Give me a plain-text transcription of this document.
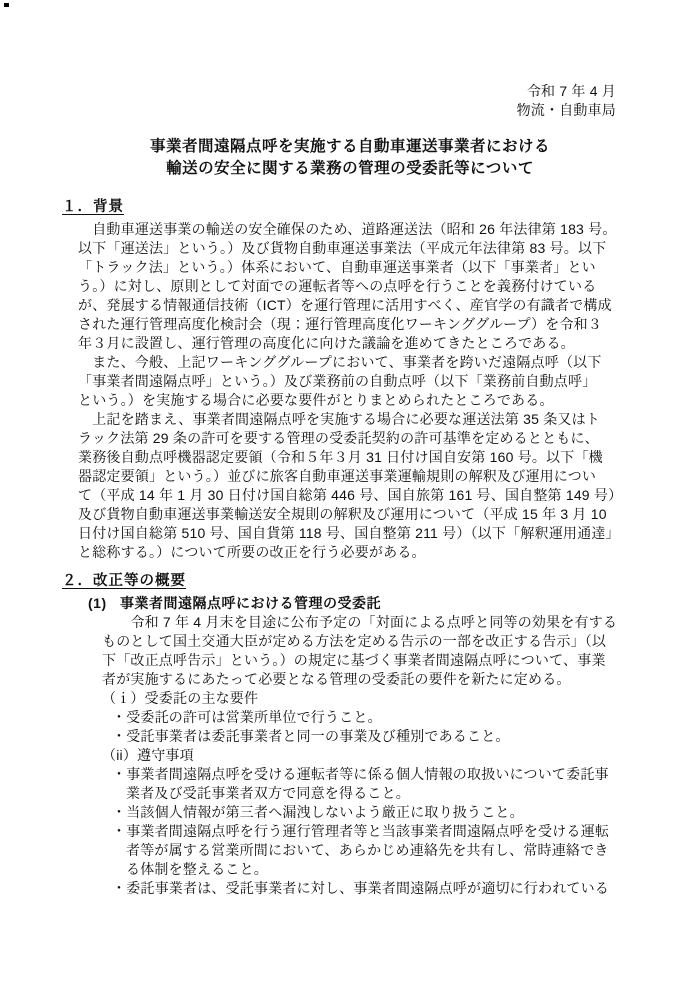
令和 7 年 4 月
物流・自動車局
事業者間遠隔点呼を実施する自動車運送事業者における
輸送の安全に関する業務の管理の受委託等について
１．背景
　自動車運送事業の輸送の安全確保のため、道路運送法（昭和 26 年法律第 183 号。
以下「運送法」という。）及び貨物自動車運送事業法（平成元年法律第 83 号。以下
「トラック法」という。）体系において、自動車運送事業者（以下「事業者」とい
う。）に対し、原則として対面での運転者等への点呼を行うことを義務付けている
が、発展する情報通信技術（ICT）を運行管理に活用すべく、産官学の有識者で構成
された運行管理高度化検討会（現：運行管理高度化ワーキンググループ）を令和３
年３月に設置し、運行管理の高度化に向けた議論を進めてきたところである。
　また、今般、上記ワーキンググループにおいて、事業者を跨いだ遠隔点呼（以下
「事業者間遠隔点呼」という。）及び業務前の自動点呼（以下「業務前自動点呼」
という。）を実施する場合に必要な要件がとりまとめられたところである。
　上記を踏まえ、事業者間遠隔点呼を実施する場合に必要な運送法第 35 条又はト
ラック法第 29 条の許可を要する管理の受委託契約の許可基準を定めるとともに、
業務後自動点呼機器認定要領（令和５年３月 31 日付け国自安第 160 号。以下「機
器認定要領」という。）並びに旅客自動車運送事業運輸規則の解釈及び運用につい
て（平成 14 年 1 月 30 日付け国自総第 446 号、国自旅第 161 号、国自整第 149 号）
及び貨物自動車運送事業輸送安全規則の解釈及び運用について（平成 15 年 3 月 10
日付け国自総第 510 号、国自貨第 118 号、国自整第 211 号）（以下「解釈運用通達」
と総称する。）について所要の改正を行う必要がある。
２．改正等の概要
(1) 事業者間遠隔点呼における管理の受委託
　　令和 7 年 4 月末を目途に公布予定の「対面による点呼と同等の効果を有する
ものとして国土交通大臣が定める方法を定める告示の一部を改正する告示」（以
下「改正点呼告示」という。）の規定に基づく事業者間遠隔点呼について、事業
者が実施するにあたって必要となる管理の受委託の要件を新たに定める。
（ｉ）受委託の主な要件
・受委託の許可は営業所単位で行うこと。
・受託事業者は委託事業者と同一の事業及び種別であること。
（ii）遵守事項
・事業者間遠隔点呼を受ける運転者等に係る個人情報の取扱いについて委託事
業者及び受託事業者双方で同意を得ること。
・当該個人情報が第三者へ漏洩しないよう厳正に取り扱うこと。
・事業者間遠隔点呼を行う運行管理者等と当該事業者間遠隔点呼を受ける運転
者等が属する営業所間において、あらかじめ連絡先を共有し、常時連絡でき
る体制を整えること。
・委託事業者は、受託事業者に対し、事業者間遠隔点呼が適切に行われている
